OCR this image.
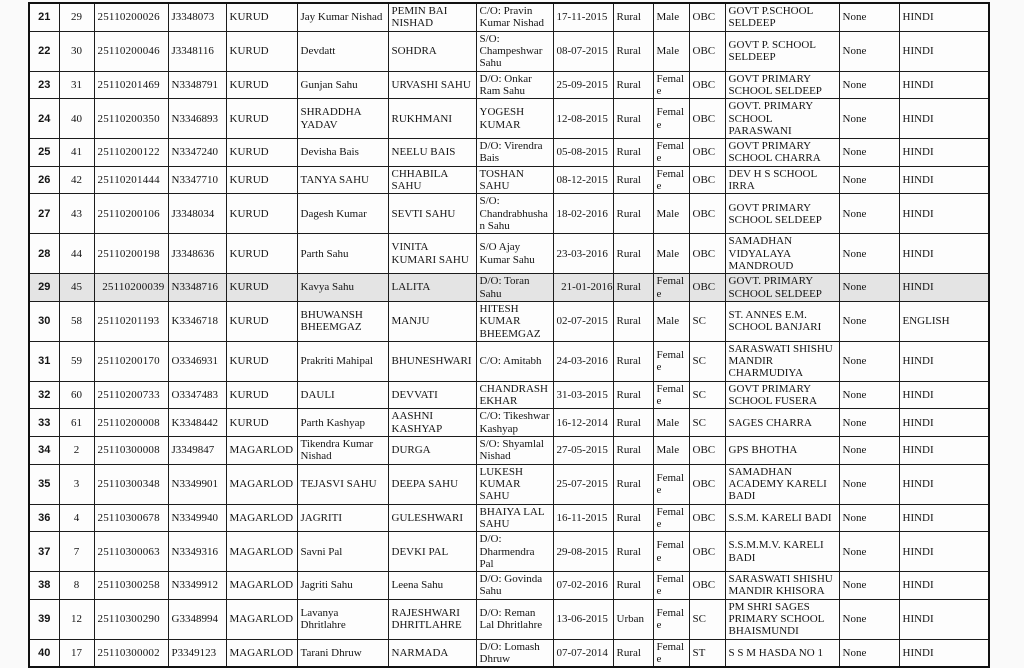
21	29	25110200026	J3348073	KURUD	Jay Kumar Nishad	PEMIN BAI NISHAD	C/O: Pravin Kumar Nishad	17-11-2015	Rural	Male	OBC	GOVT P.SCHOOL SELDEEP	None	HINDI
22	30	25110200046	J3348116	KURUD	Devdatt	SOHDRA	S/O: Champeshwar Sahu	08-07-2015	Rural	Male	OBC	GOVT P. SCHOOL SELDEEP	None	HINDI
23	31	25110201469	N3348791	KURUD	Gunjan Sahu	URVASHI SAHU	D/O: Onkar Ram Sahu	25-09-2015	Rural	Female	OBC	GOVT PRIMARY SCHOOL SELDEEP	None	HINDI
24	40	25110200350	N3346893	KURUD	SHRADDHA YADAV	RUKHMANI	YOGESH KUMAR	12-08-2015	Rural	Female	OBC	GOVT. PRIMARY SCHOOL PARASWANI	None	HINDI
25	41	25110200122	N3347240	KURUD	Devisha Bais	NEELU BAIS	D/O: Virendra Bais	05-08-2015	Rural	Female	OBC	GOVT PRIMARY SCHOOL CHARRA	None	HINDI
26	42	25110201444	N3347710	KURUD	TANYA SAHU	CHHABILA SAHU	TOSHAN SAHU	08-12-2015	Rural	Female	OBC	DEV H S SCHOOL IRRA	None	HINDI
27	43	25110200106	J3348034	KURUD	Dagesh Kumar	SEVTI SAHU	S/O: Chandrabhushan Sahu	18-02-2016	Rural	Male	OBC	GOVT PRIMARY SCHOOL SELDEEP	None	HINDI
28	44	25110200198	J3348636	KURUD	Parth Sahu	VINITA KUMARI SAHU	S/O Ajay Kumar Sahu	23-03-2016	Rural	Male	OBC	SAMADHAN VIDYALAYA MANDROUD	None	HINDI
29	45	25110200039	N3348716	KURUD	Kavya Sahu	LALITA	D/O: Toran Sahu	21-01-2016	Rural	Female	OBC	GOVT. PRIMARY SCHOOL SELDEEP	None	HINDI
30	58	25110201193	K3346718	KURUD	BHUWANSH BHEEMGAZ	MANJU	HITESH KUMAR BHEEMGAZ	02-07-2015	Rural	Male	SC	ST. ANNES E.M. SCHOOL BANJARI	None	ENGLISH
31	59	25110200170	O3346931	KURUD	Prakriti Mahipal	BHUNESHWARI	C/O: Amitabh	24-03-2016	Rural	Female	SC	SARASWATI SHISHU MANDIR CHARMUDIYA	None	HINDI
32	60	25110200733	O3347483	KURUD	DAULI	DEVVATI	CHANDRASHEKHAR	31-03-2015	Rural	Female	SC	GOVT PRIMARY SCHOOL FUSERA	None	HINDI
33	61	25110200008	K3348442	KURUD	Parth Kashyap	AASHNI KASHYAP	C/O: Tikeshwar Kashyap	16-12-2014	Rural	Male	SC	SAGES CHARRA	None	HINDI
34	2	25110300008	J3349847	MAGARLOD	Tikendra Kumar Nishad	DURGA	S/O: Shyamlal Nishad	27-05-2015	Rural	Male	OBC	GPS BHOTHA	None	HINDI
35	3	25110300348	N3349901	MAGARLOD	TEJASVI SAHU	DEEPA SAHU	LUKESH KUMAR SAHU	25-07-2015	Rural	Female	OBC	SAMADHAN ACADEMY KARELI BADI	None	HINDI
36	4	25110300678	N3349940	MAGARLOD	JAGRITI	GULESHWARI	BHAIYA LAL SAHU	16-11-2015	Rural	Female	OBC	S.S.M. KARELI BADI	None	HINDI
37	7	25110300063	N3349316	MAGARLOD	Savni Pal	DEVKI PAL	D/O: Dharmendra Pal	29-08-2015	Rural	Female	OBC	S.S.M.M.V. KARELI BADI	None	HINDI
38	8	25110300258	N3349912	MAGARLOD	Jagriti Sahu	Leena Sahu	D/O: Govinda Sahu	07-02-2016	Rural	Female	OBC	SARASWATI SHISHU MANDIR KHISORA	None	HINDI
39	12	25110300290	G3348994	MAGARLOD	Lavanya Dhritlahre	RAJESHWARI DHRITLAHRE	D/O: Reman Lal Dhritlahre	13-06-2015	Urban	Female	SC	PM SHRI SAGES PRIMARY SCHOOL BHAISMUNDI	None	HINDI
40	17	25110300002	P3349123	MAGARLOD	Tarani Dhruw	NARMADA	D/O: Lomash Dhruw	07-07-2014	Rural	Female	ST	S S M HASDA NO 1	None	HINDI
